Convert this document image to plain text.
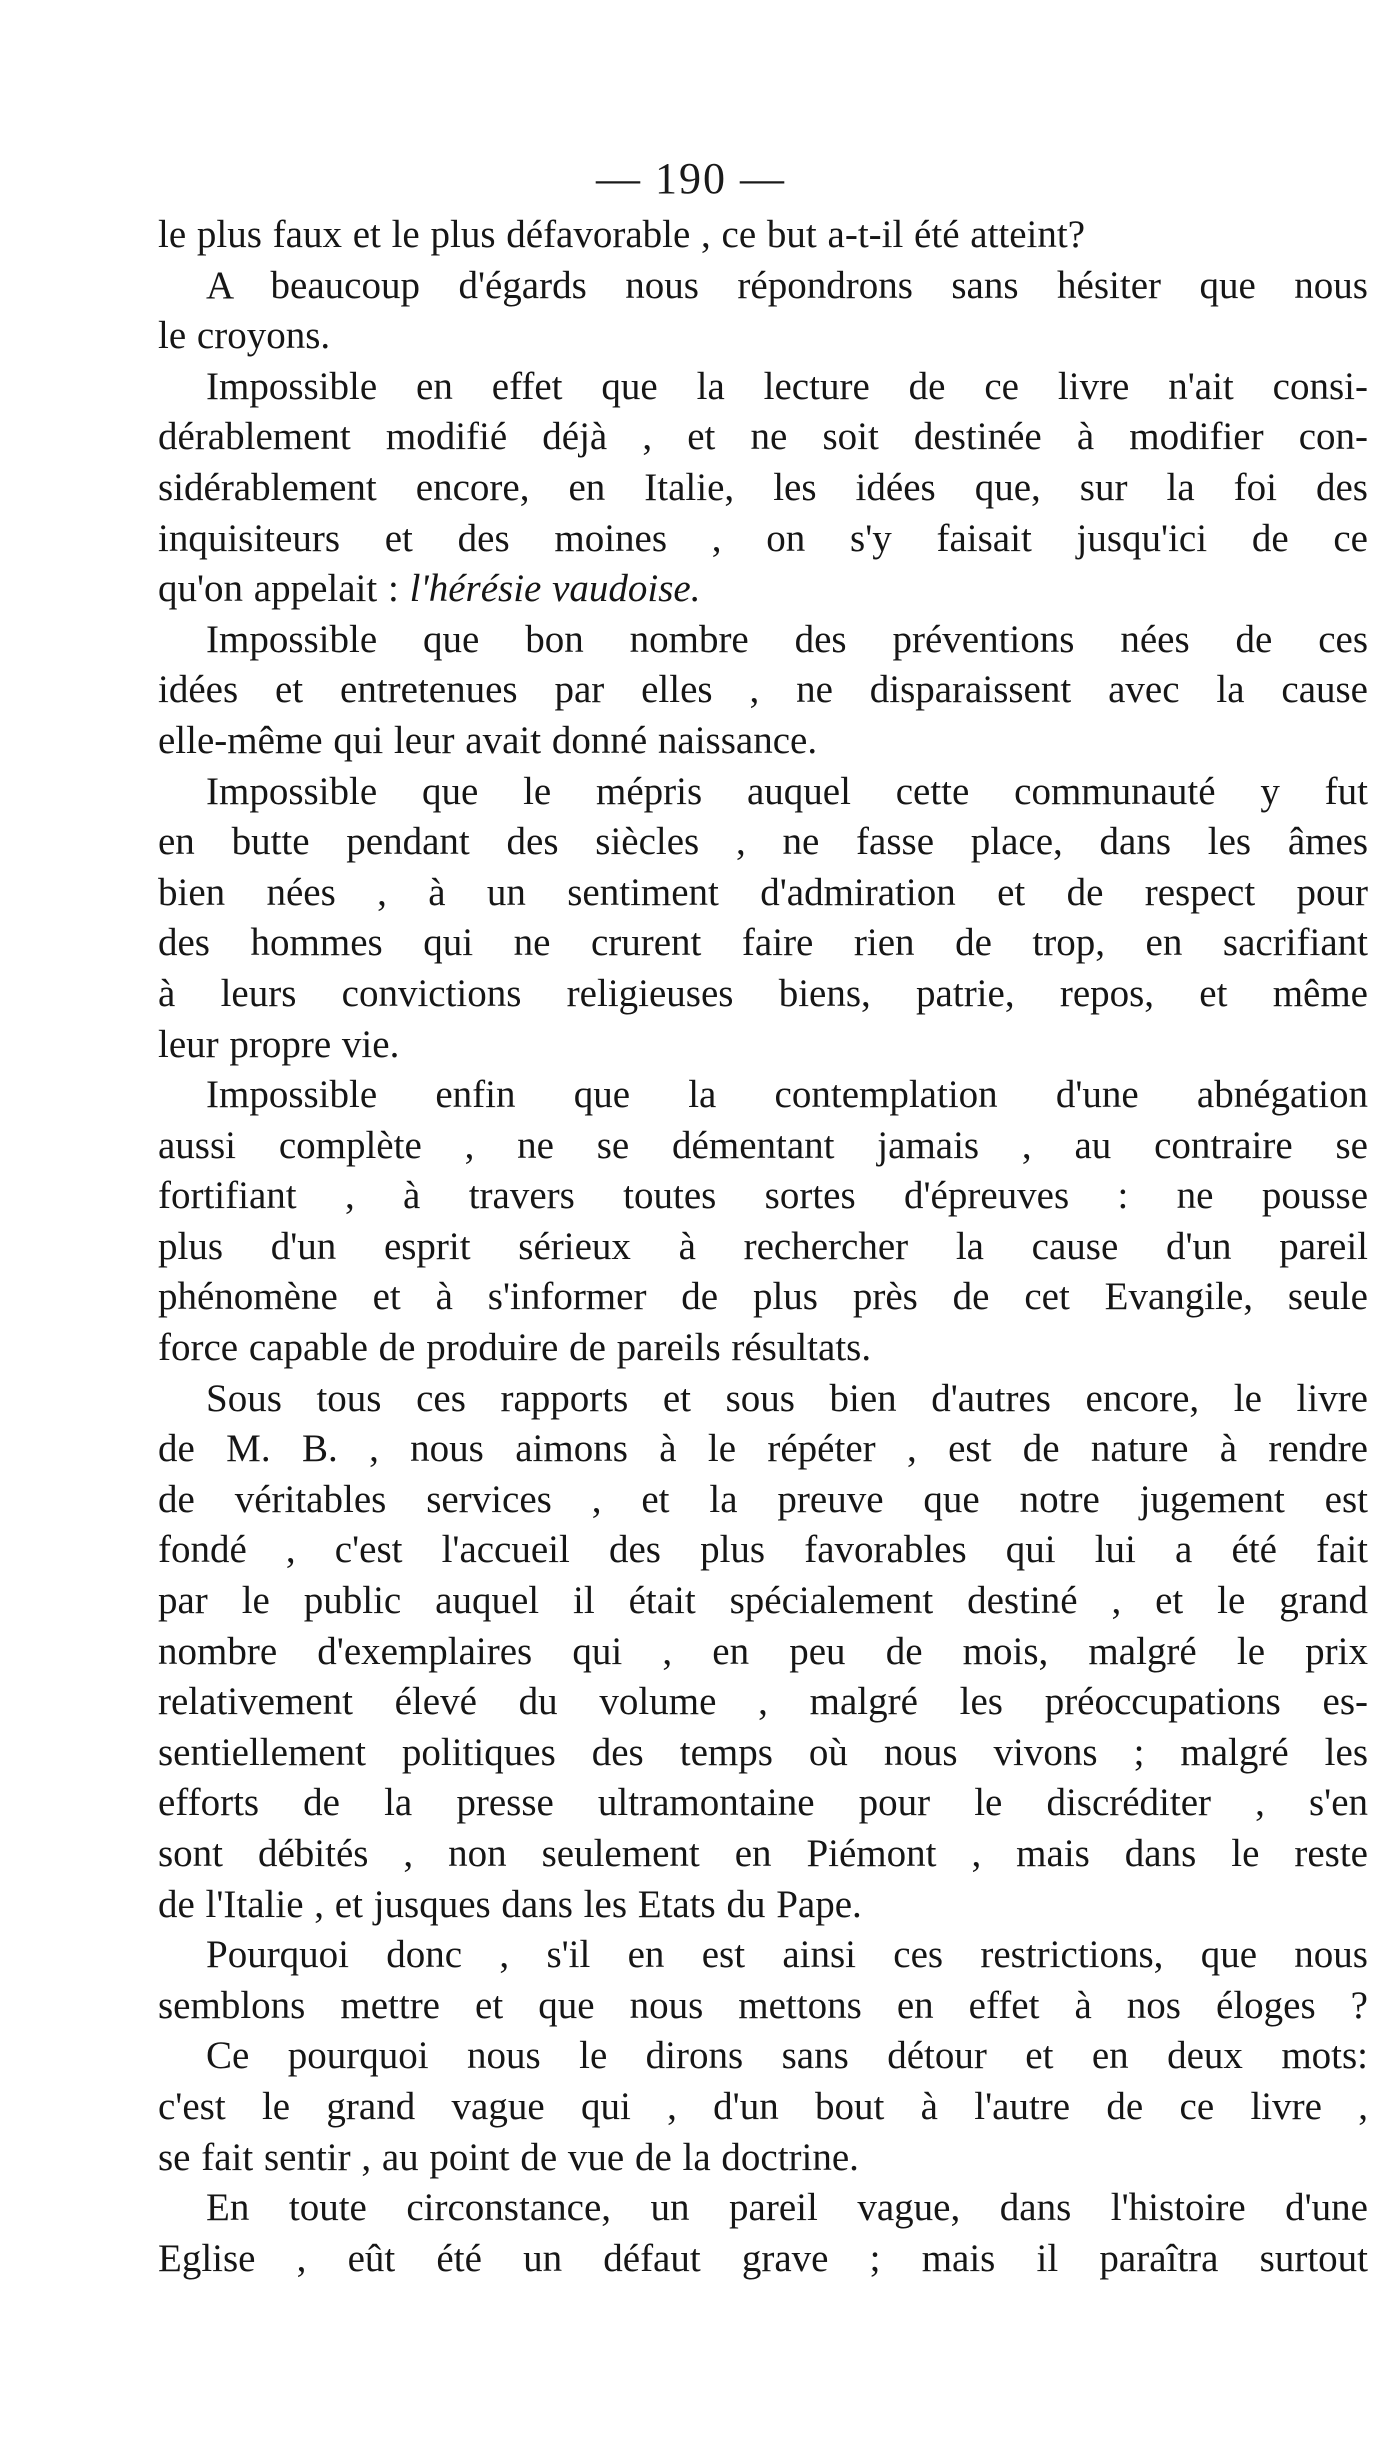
— 190 —

le plus faux et le plus défavorable , ce but a-t-il été atteint?

A beaucoup d'égards nous répondrons sans hésiter que nous
le croyons.

Impossible en effet que la lecture de ce livre n'ait consi-
dérablement modifié déjà , et ne soit destinée à modifier con-
sidérablement encore, en Italie, les idées que, sur la foi des
inquisiteurs et des moines , on s'y faisait jusqu'ici de ce
qu'on appelait : l'hérésie vaudoise.

Impossible que bon nombre des préventions nées de ces
idées et entretenues par elles , ne disparaissent avec la cause
elle-même qui leur avait donné naissance.

Impossible que le mépris auquel cette communauté y fut
en butte pendant des siècles , ne fasse place, dans les âmes
bien nées , à un sentiment d'admiration et de respect pour
des hommes qui ne crurent faire rien de trop, en sacrifiant
à leurs convictions religieuses biens, patrie, repos, et même
leur propre vie.

Impossible enfin que la contemplation d'une abnégation
aussi complète , ne se démentant jamais , au contraire se
fortifiant , à travers toutes sortes d'épreuves : ne pousse
plus d'un esprit sérieux à rechercher la cause d'un pareil
phénomène et à s'informer de plus près de cet Evangile, seule
force capable de produire de pareils résultats.

Sous tous ces rapports et sous bien d'autres encore, le livre
de M. B. , nous aimons à le répéter , est de nature à rendre
de véritables services , et la preuve que notre jugement est
fondé , c'est l'accueil des plus favorables qui lui a été fait
par le public auquel il était spécialement destiné , et le grand
nombre d'exemplaires qui , en peu de mois, malgré le prix
relativement élevé du volume , malgré les préoccupations es-
sentiellement politiques des temps où nous vivons ; malgré les
efforts de la presse ultramontaine pour le discréditer , s'en
sont débités , non seulement en Piémont , mais dans le reste
de l'Italie , et jusques dans les Etats du Pape.

Pourquoi donc , s'il en est ainsi ces restrictions, que nous
semblons mettre et que nous mettons en effet à nos éloges ?

Ce pourquoi nous le dirons sans détour et en deux mots:
c'est le grand vague qui , d'un bout à l'autre de ce livre ,
se fait sentir , au point de vue de la doctrine.

En toute circonstance, un pareil vague, dans l'histoire d'une
Eglise , eût été un défaut grave ; mais il paraîtra surtout
